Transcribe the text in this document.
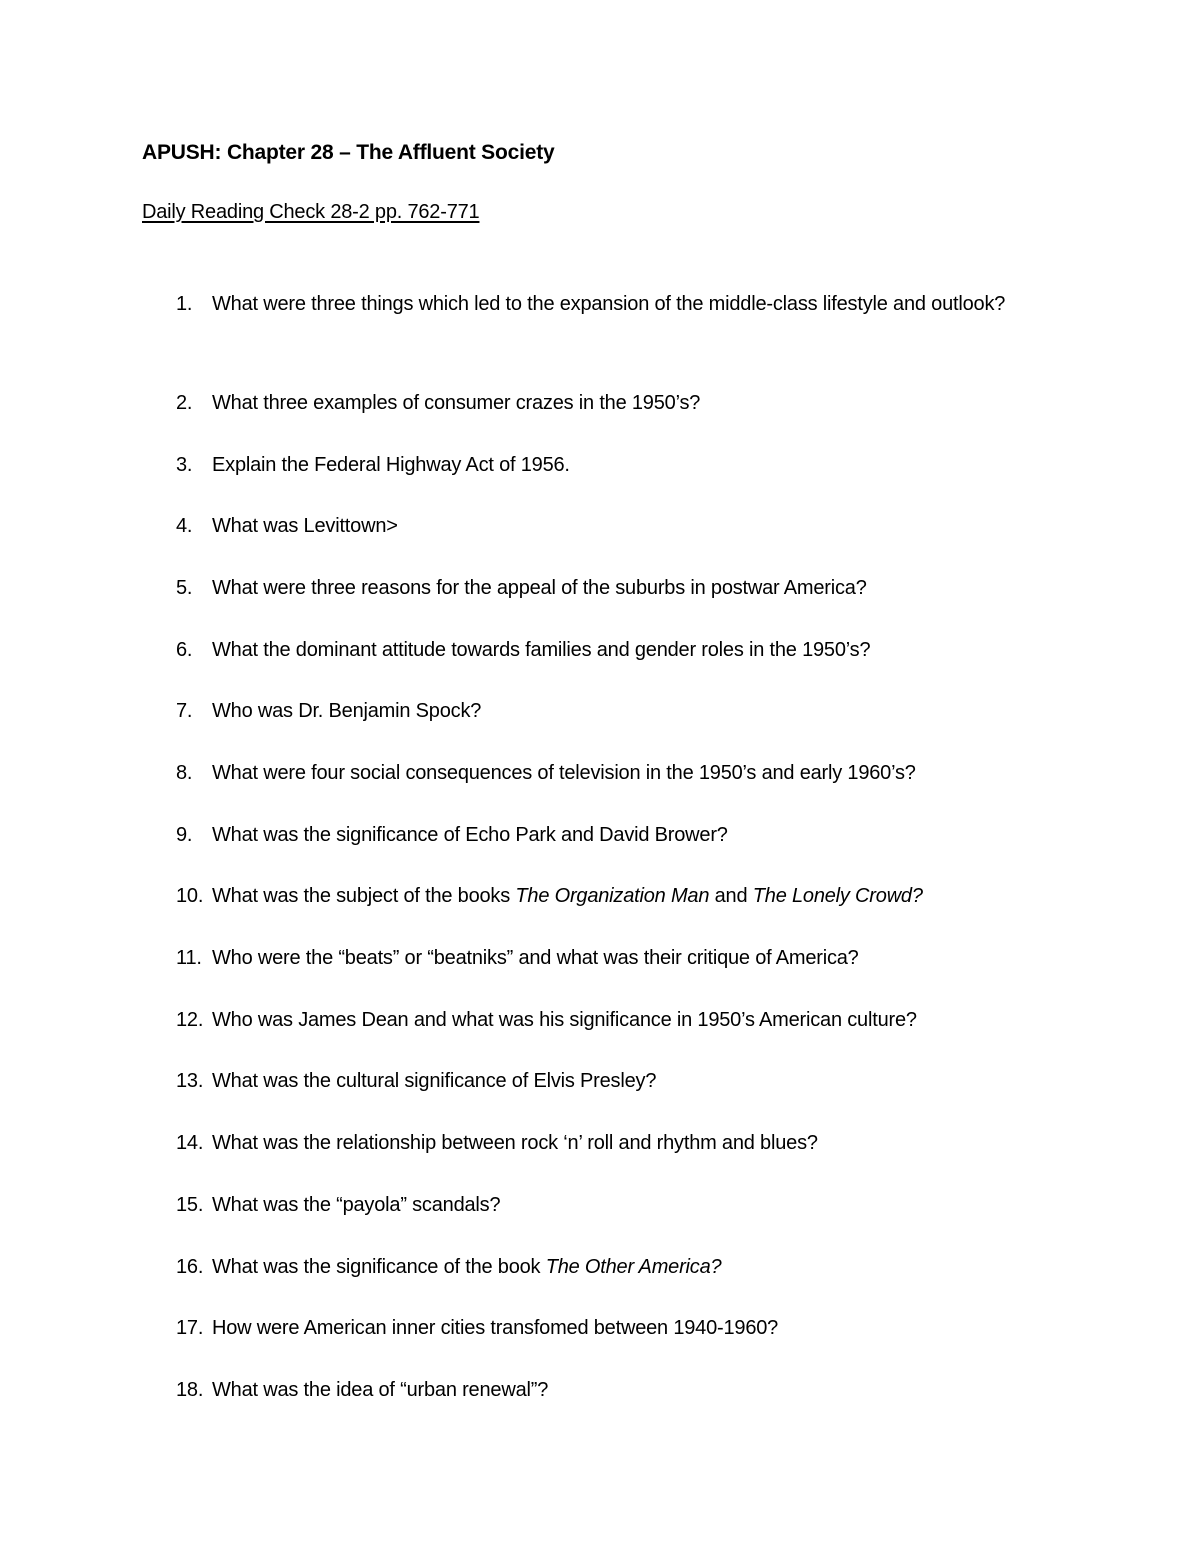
APUSH: Chapter 28 – The Affluent Society
Daily Reading Check 28-2 pp. 762-771
1. What were three things which led to the expansion of the middle-class lifestyle and outlook?
2. What three examples of consumer crazes in the 1950’s?
3. Explain the Federal Highway Act of 1956.
4. What was Levittown>
5. What were three reasons for the appeal of the suburbs in postwar America?
6. What the dominant attitude towards families and gender roles in the 1950’s?
7. Who was Dr. Benjamin Spock?
8. What were four social consequences of television in the 1950’s and early 1960’s?
9. What was the significance of Echo Park and David Brower?
10. What was the subject of the books The Organization Man and The Lonely Crowd?
11. Who were the “beats” or “beatniks” and what was their critique of America?
12. Who was James Dean and what was his significance in 1950’s American culture?
13. What was the cultural significance of Elvis Presley?
14. What was the relationship between rock ‘n’ roll and rhythm and blues?
15. What was the “payola” scandals?
16. What was the significance of the book The Other America?
17. How were American inner cities transfomed between 1940-1960?
18. What was the idea of “urban renewal”?
